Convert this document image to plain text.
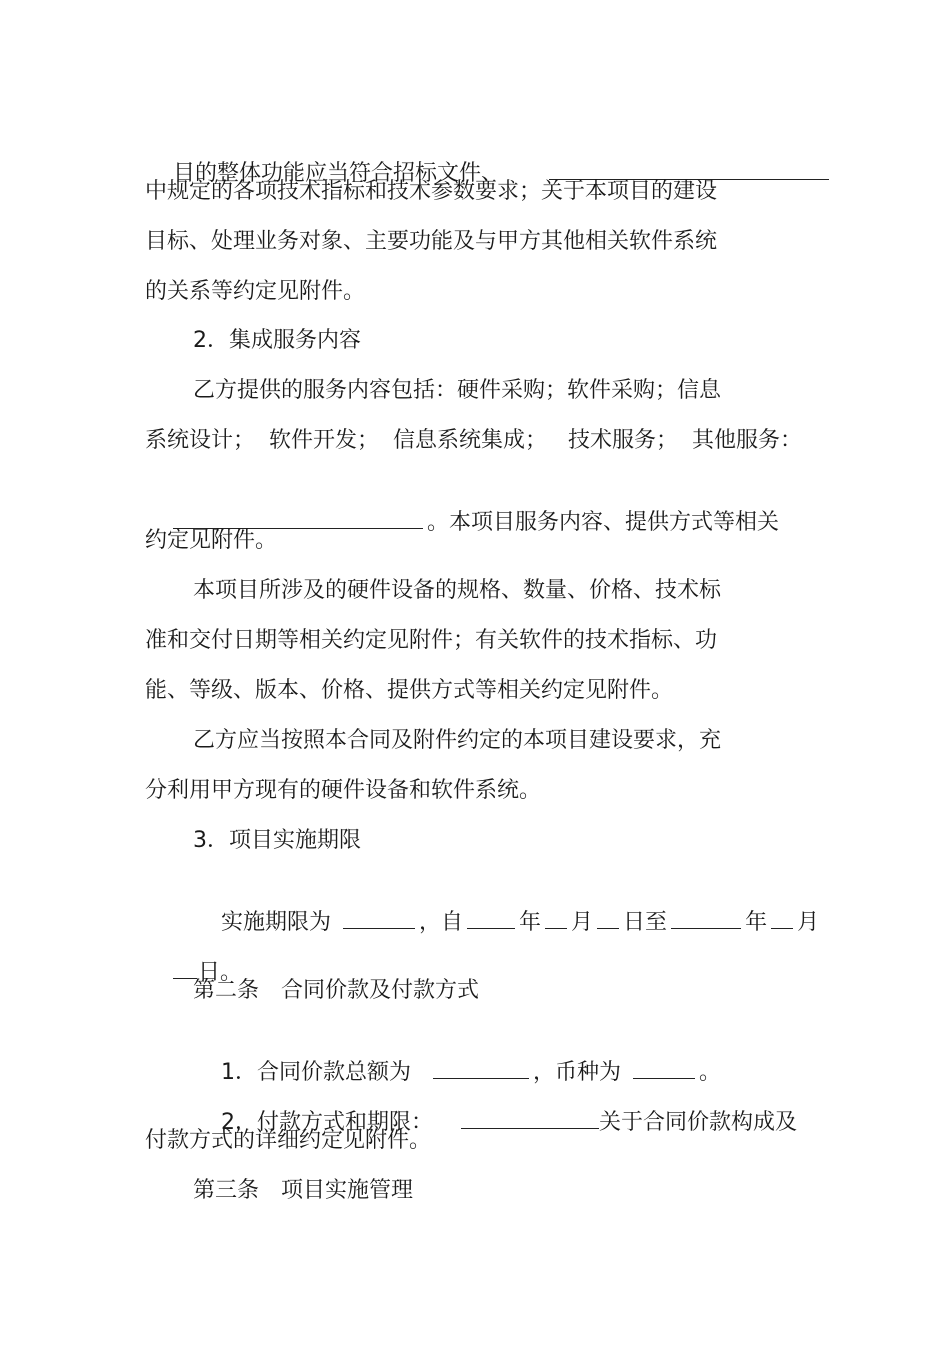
目的整体功能应当符合招标文件、

中规定的各项技术指标和技术参数要求；关于本项目的建设
目标、处理业务对象、主要功能及与甲方其他相关软件系统
的关系等约定见附件。
2．集成服务内容
乙方提供的服务内容包括：硬件采购；软件采购；信息
系统设计；  软件开发；  信息系统集成；   技术服务；  其他服务：

。本项目服务内容、提供方式等相关

约定见附件。
本项目所涉及的硬件设备的规格、数量、价格、技术标
准和交付日期等相关约定见附件；有关软件的技术指标、功
能、等级、版本、价格、提供方式等相关约定见附件。
乙方应当按照本合同及附件约定的本项目建设要求，充
分利用甲方现有的硬件设备和软件系统。
3．项目实施期限

实施期限为	，自	年 月 日至	年 月

日。

第二条　合同价款及付款方式

1．合同价款总额为	，币种为	。

2．付款方式和期限：	关于合同价款构成及

付款方式的详细约定见附件。
第三条　项目实施管理
